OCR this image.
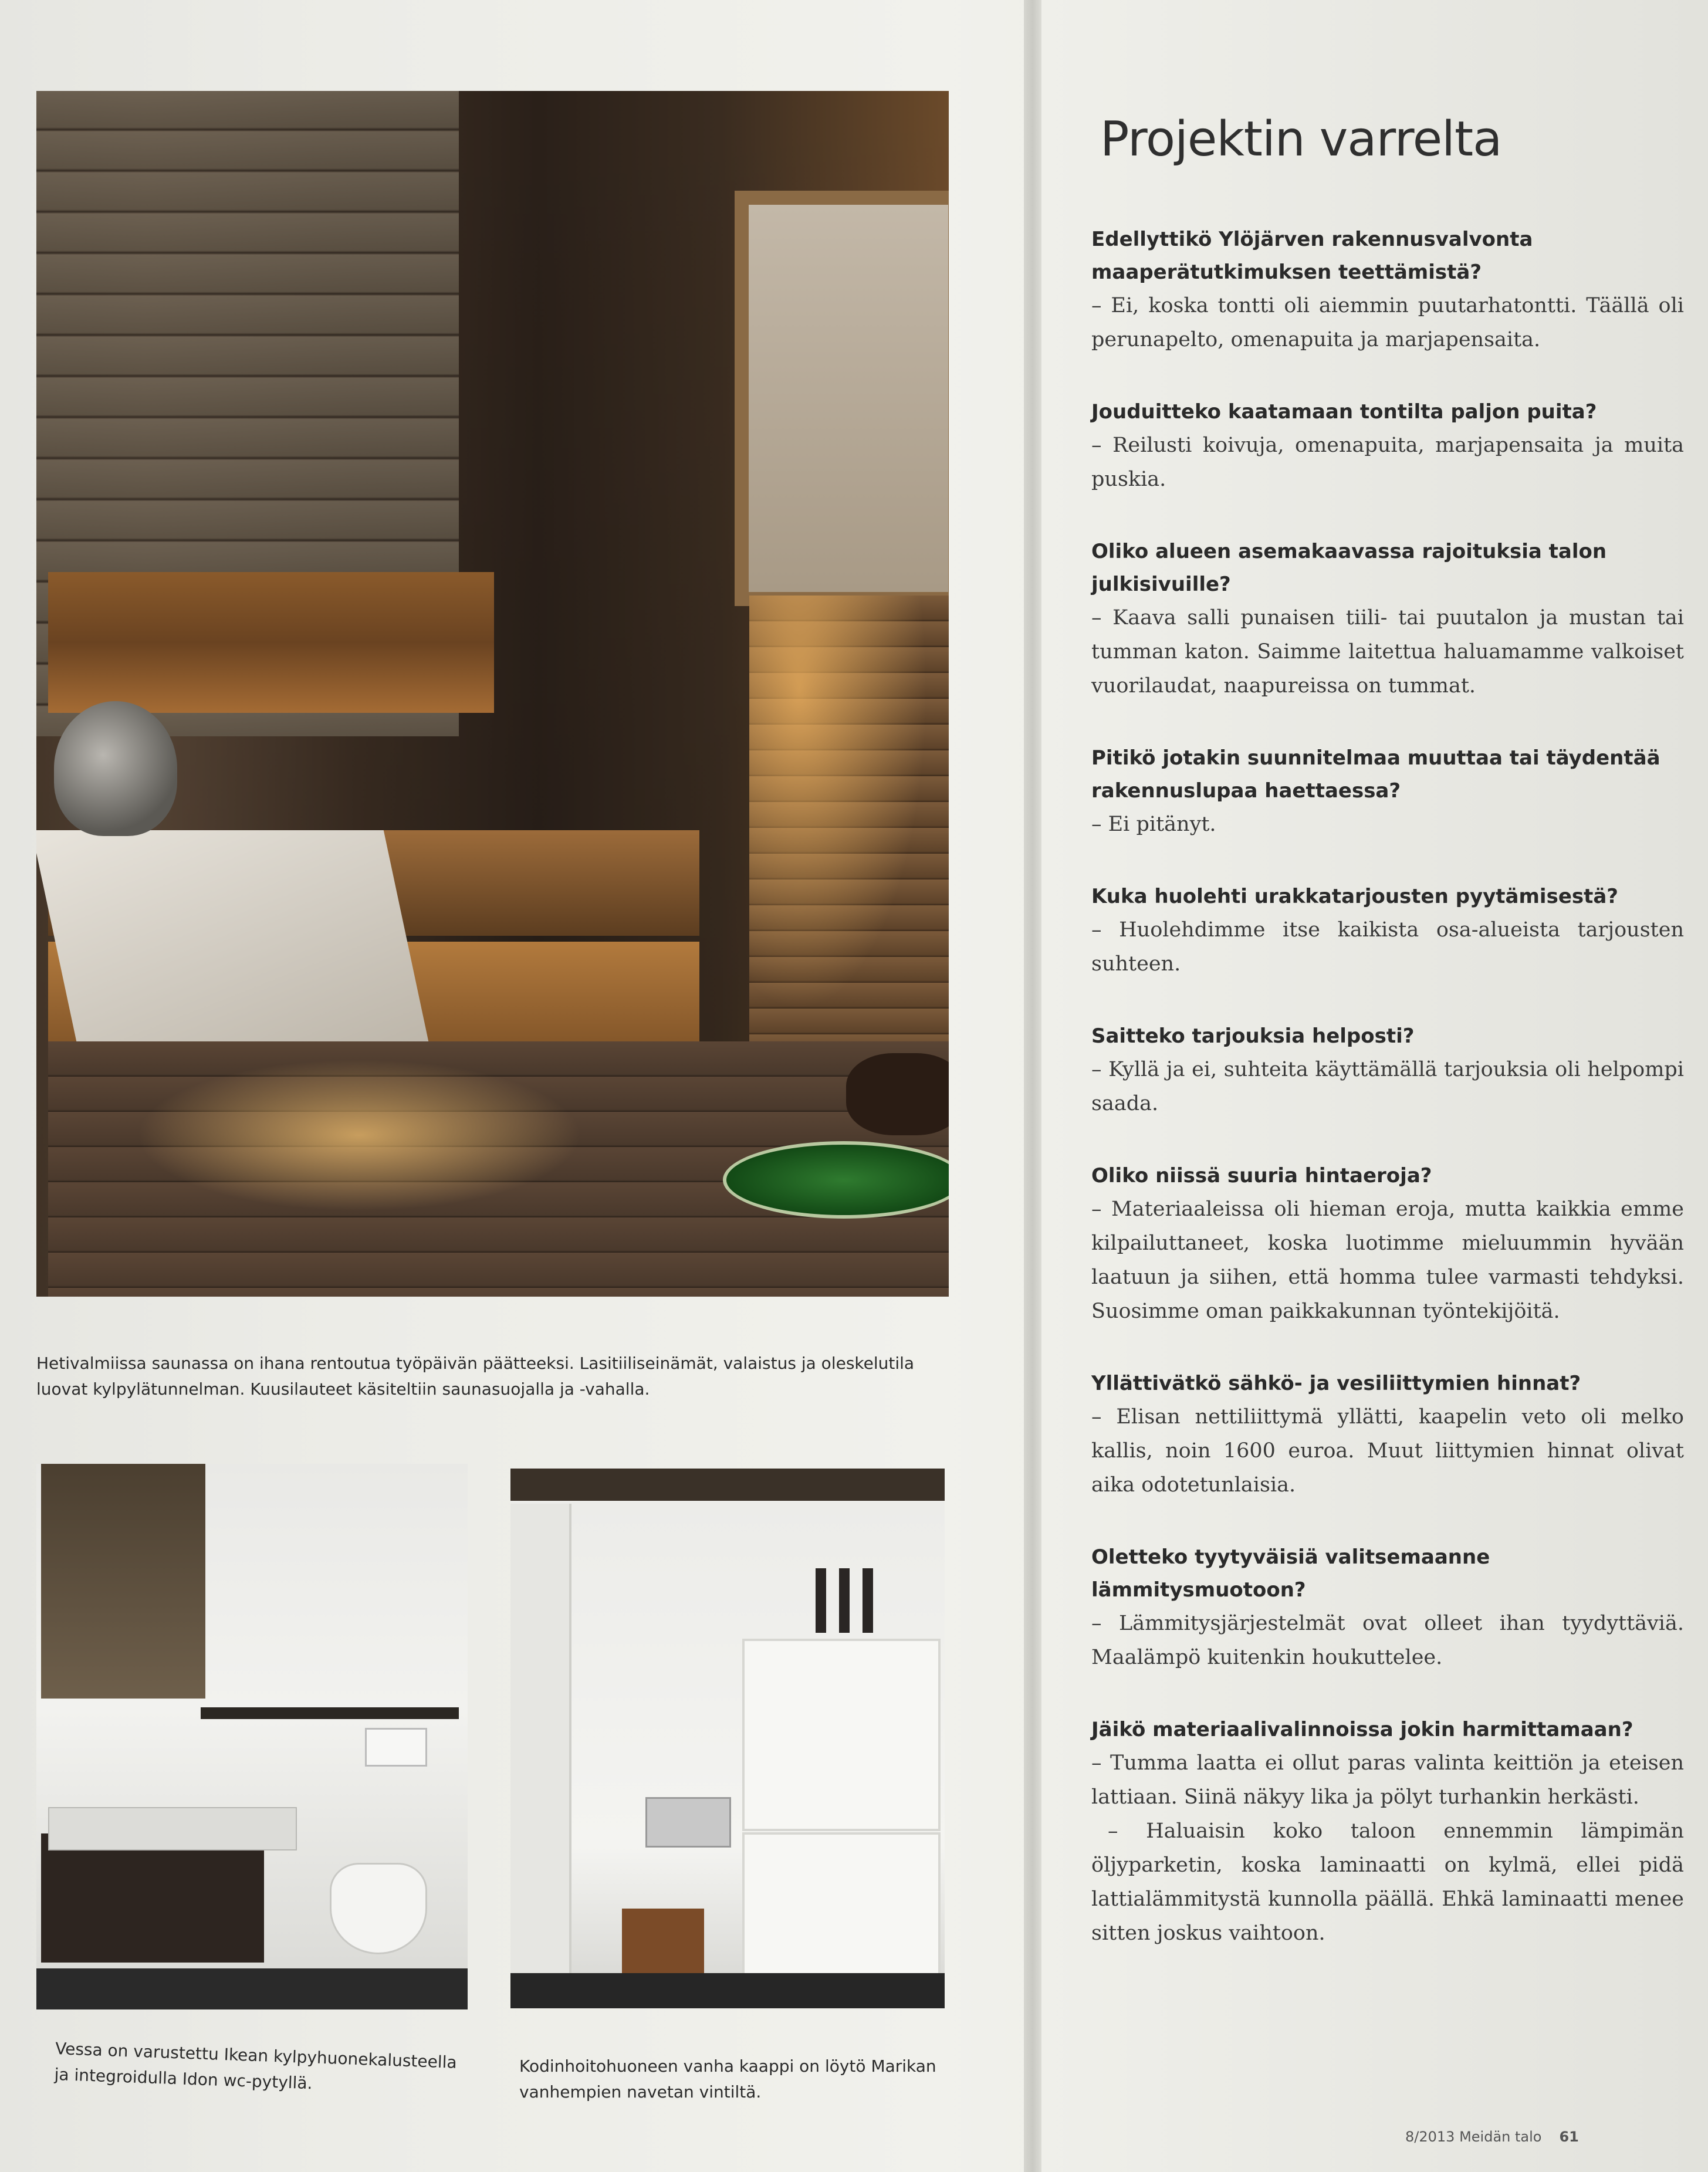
Hetivalmiissa saunassa on ihana rentoutua työpäivän päätteeksi. Lasitiiliseinämät, valaistus ja oleskelutila luovat kylpylätunnelman. Kuusilauteet käsiteltiin saunasuojalla ja -vahalla.
Vessa on varustettu Ikean kylpyhuonekalusteella ja integroidulla Idon wc-pytyllä.	Kodinhoitohuoneen vanha kaappi on löytö Marikan vanhempien navetan vintiltä.
Projektin varrelta

Edellyttikö Ylöjärven rakennusvalvonta maaperätutkimuksen teettämistä?

– Ei, koska tontti oli aiemmin puutarhatontti. Täällä oli perunapelto, omenapuita ja marjapensaita.

Jouduitteko kaatamaan tontilta paljon puita?

– Reilusti koivuja, omenapuita, marjapensaita ja muita puskia.

Oliko alueen asemakaavassa rajoituksia talon julkisivuille?

– Kaava salli punaisen tiili- tai puutalon ja mustan tai tumman katon. Saimme laitettua haluamamme valkoiset vuorilaudat, naapureissa on tummat.

Pitikö jotakin suunnitelmaa muuttaa tai täydentää rakennuslupaa haettaessa?

– Ei pitänyt.

Kuka huolehti urakkatarjousten pyytämisestä?

– Huolehdimme itse kaikista osa-alueista tarjousten suhteen.

Saitteko tarjouksia helposti?

– Kyllä ja ei, suhteita käyttämällä tarjouksia oli helpompi saada.

Oliko niissä suuria hintaeroja?

– Materiaaleissa oli hieman eroja, mutta kaikkia emme kilpailuttaneet, koska luotimme mieluummin hyvään laatuun ja siihen, että homma tulee varmasti tehdyksi. Suosimme oman paikkakunnan työntekijöitä.

Yllättivätkö sähkö- ja vesiliittymien hinnat?

– Elisan nettiliittymä yllätti, kaapelin veto oli melko kallis, noin 1600 euroa. Muut liittymien hinnat olivat aika odotetunlaisia.

Oletteko tyytyväisiä valitsemaanne lämmitysmuotoon?

– Lämmitysjärjestelmät ovat olleet ihan tyydyttäviä. Maalämpö kuitenkin houkuttelee.

Jäikö materiaalivalinnoissa jokin harmittamaan?

– Tumma laatta ei ollut paras valinta keittiön ja eteisen lattiaan. Siinä näkyy lika ja pölyt turhankin herkästi.

– Haluaisin koko taloon ennemmin lämpimän öljyparketin, koska laminaatti on kylmä, ellei pidä lattialämmitystä kunnolla päällä. Ehkä laminaatti menee sitten joskus vaihtoon.

8/2013 Meidän talo 61
